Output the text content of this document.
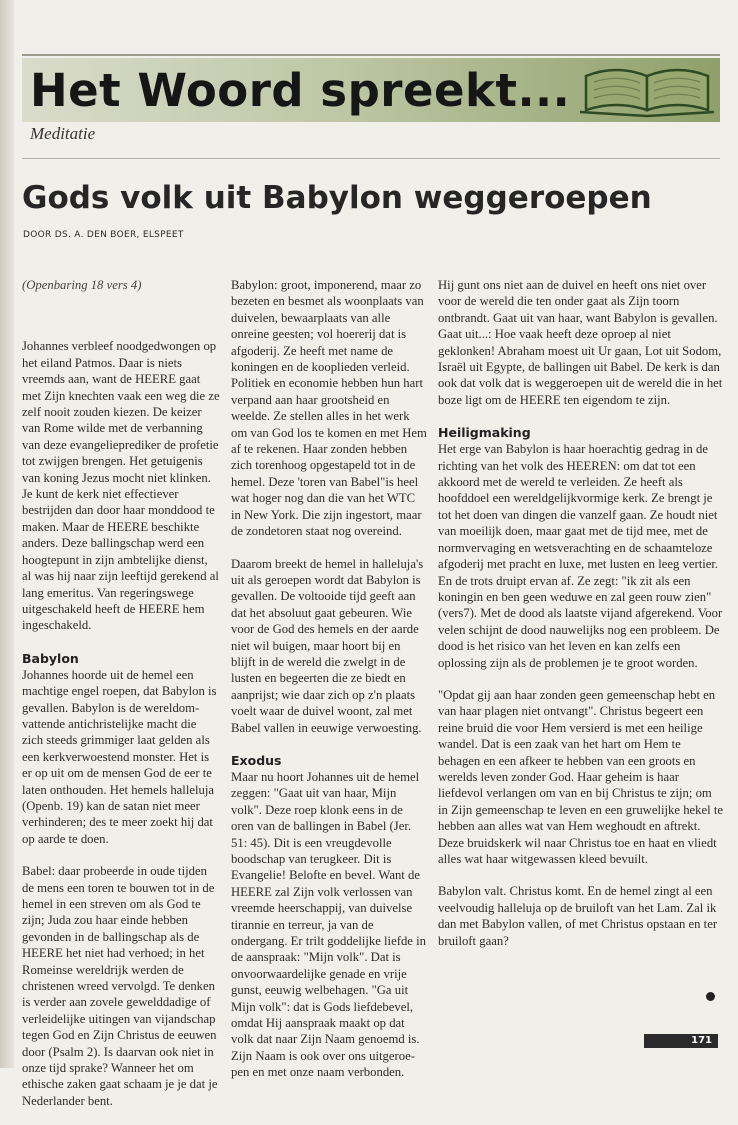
Het Woord spreekt...
Meditatie
Gods volk uit Babylon weggeroepen
DOOR DS. A. DEN BOER, ELSPEET

(Openbaring 18 vers 4)

Johannes verbleef noodgedwongen op het eiland Patmos. Daar is niets vreemds aan, want de HEERE gaat met Zijn knechten vaak een weg die ze zelf nooit zouden kiezen. De keizer van Rome wilde met de verbanning van deze evangelieprediker de profetie tot zwijgen brengen. Het getuigenis van koning Jezus mocht niet klinken. Je kunt de kerk niet effectiever bestrijden dan door haar monddood te maken. Maar de HEERE beschikte anders. Deze ballingschap werd een hoogtepunt in zijn ambtelijke dienst, al was hij naar zijn leeftijd gerekend al lang emeritus. Van regeringswege uitgeschakeld heeft de HEERE hem ingeschakeld.

Babylon

Johannes hoorde uit de hemel een machtige engel roepen, dat Babylon is gevallen. Babylon is de wereldomvattende antichristelijke macht die zich steeds grimmiger laat gelden als een kerkverwoestend monster. Het is er op uit om de mensen God de eer te laten onthouden. Het hemels halleluja (Openb. 19) kan de satan niet meer verhinderen; des te meer zoekt hij dat op aarde te doen.

Babel: daar probeerde in oude tijden de mens een toren te bouwen tot in de hemel in een streven om als God te zijn; Juda zou haar einde hebben gevonden in de ballingschap als de HEERE het niet had verhoed; in het Romeinse wereldrijk werden de christenen wreed vervolgd. Te denken is verder aan zovele gewelddadige of verleidelijke uitingen van vijandschap tegen God en Zijn Christus de eeuwen door (Psalm 2). Is daarvan ook niet in onze tijd sprake? Wanneer het om ethische zaken gaat schaam je je dat je Nederlander bent.

Babylon: groot, imponerend, maar zo bezeten en besmet als woonplaats van duivelen, bewaarplaats van alle onreine geesten; vol hoererij dat is afgoderij. Ze heeft met name de koningen en de kooplieden verleid. Politiek en economie hebben hun hart verpand aan haar grootsheid en weelde. Ze stellen alles in het werk om van God los te komen en met Hem af te rekenen. Haar zonden hebben zich torenhoog opgestapeld tot in de hemel. Deze 'toren van Babel"is heel wat hoger nog dan die van het WTC in New York. Die zijn ingestort, maar de zondetoren staat nog overeind.

Daarom breekt de hemel in halleluja's uit als geroepen wordt dat Babylon is gevallen. De voltooide tijd geeft aan dat het absoluut gaat gebeuren. Wie voor de God des hemels en der aarde niet wil buigen, maar hoort bij en blijft in de wereld die zwelgt in de lusten en begeerten die ze biedt en aanprijst; wie daar zich op z'n plaats voelt waar de duivel woont, zal met Babel vallen in eeuwige verwoesting.

Exodus

Maar nu hoort Johannes uit de hemel zeggen: "Gaat uit van haar, Mijn volk". Deze roep klonk eens in de oren van de ballingen in Babel (Jer. 51: 45). Dit is een vreugdevolle boodschap van terugkeer. Dit is Evangelie! Belofte en bevel. Want de HEERE zal Zijn volk verlossen van vreemde heerschappij, van duivelse tirannie en terreur, ja van de ondergang. Er trilt goddelijke liefde in de aanspraak: "Mijn volk". Dat is onvoorwaardelijke genade en vrije gunst, eeuwig welbehagen. "Ga uit Mijn volk": dat is Gods liefdebevel, omdat Hij aanspraak maakt op dat volk dat naar Zijn Naam genoemd is. Zijn Naam is ook over ons uitgeroepen en met onze naam verbonden.

Hij gunt ons niet aan de duivel en heeft ons niet over voor de wereld die ten onder gaat als Zijn toorn ontbrandt. Gaat uit van haar, want Babylon is gevallen. Gaat uit...: Hoe vaak heeft deze oproep al niet geklonken! Abraham moest uit Ur gaan, Lot uit Sodom, Israël uit Egypte, de ballingen uit Babel. De kerk is dan ook dat volk dat is weggeroepen uit de wereld die in het boze ligt om de HEERE ten eigendom te zijn.

Heiligmaking

Het erge van Babylon is haar hoerachtig gedrag in de richting van het volk des HEEREN: om dat tot een akkoord met de wereld te verleiden. Ze heeft als hoofddoel een wereldgelijkvormige kerk. Ze brengt je tot het doen van dingen die vanzelf gaan. Ze houdt niet van moeilijk doen, maar gaat met de tijd mee, met de normvervaging en wetsverachting en de schaamteloze afgoderij met pracht en luxe, met lusten en leeg vertier. En de trots druipt ervan af. Ze zegt: "ik zit als een koningin en ben geen weduwe en zal geen rouw zien"(vers7). Met de dood als laatste vijand afgerekend. Voor velen schijnt de dood nauwelijks nog een probleem. De dood is het risico van het leven en kan zelfs een oplossing zijn als de problemen je te groot worden.

"Opdat gij aan haar zonden geen gemeenschap hebt en van haar plagen niet ontvangt". Christus begeert een reine bruid die voor Hem versierd is met een heilige wandel. Dat is een zaak van het hart om Hem te behagen en een afkeer te hebben van een groots en werelds leven zonder God. Haar geheim is haar liefdevol verlangen om van en bij Christus te zijn; om in Zijn gemeenschap te leven en een gruwelijke hekel te hebben aan alles wat van Hem weghoudt en aftrekt. Deze bruidskerk wil naar Christus toe en haat en vliedt alles wat haar witgewassen kleed bevuilt.

Babylon valt. Christus komt. En de hemel zingt al een veelvoudig halleluja op de bruiloft van het Lam. Zal ik dan met Babylon vallen, of met Christus opstaan en ter bruiloft gaan?

171
